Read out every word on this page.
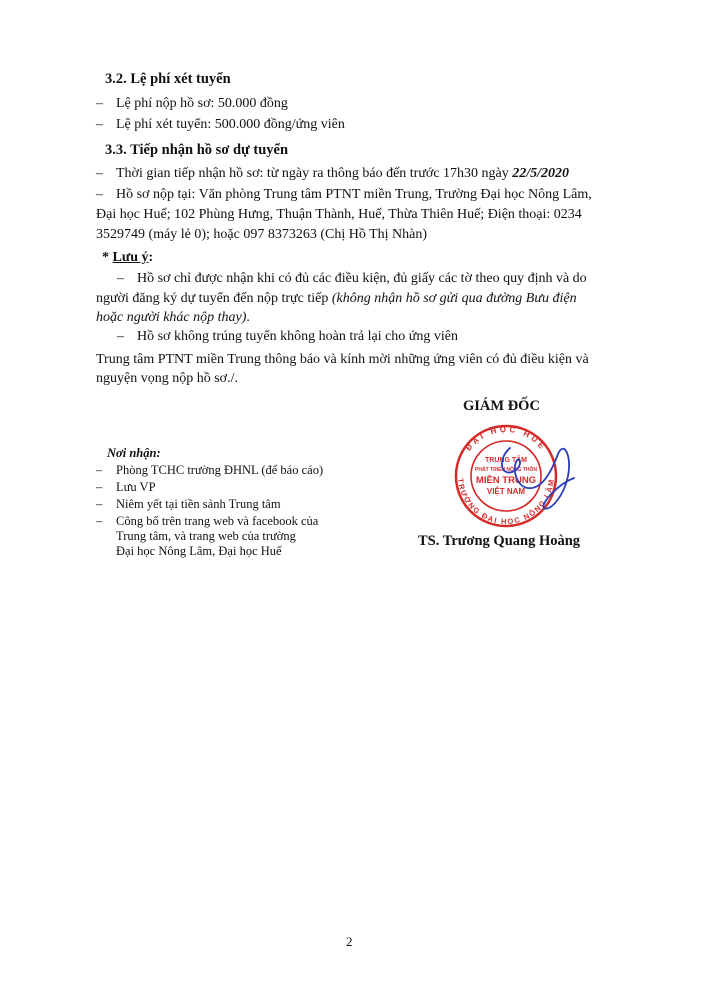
3.2. Lệ phí xét tuyển
– Lệ phí nộp hồ sơ: 50.000 đồng
– Lệ phí xét tuyển: 500.000 đồng/ứng viên
3.3. Tiếp nhận hồ sơ dự tuyển
– Thời gian tiếp nhận hồ sơ: từ ngày ra thông báo đến trước 17h30 ngày 22/5/2020
– Hồ sơ nộp tại: Văn phòng Trung tâm PTNT miền Trung, Trường Đại học Nông Lâm,
Đại học Huế; 102 Phùng Hưng, Thuận Thành, Huế, Thừa Thiên Huế; Điện thoại: 0234
3529749 (máy lẻ 0); hoặc 097 8373263 (Chị Hồ Thị Nhàn)
* Lưu ý:
– Hồ sơ chỉ được nhận khi có đủ các điều kiện, đủ giấy các tờ theo quy định và do
người đăng ký dự tuyển đến nộp trực tiếp (không nhận hồ sơ gửi qua đường Bưu điện
hoặc người khác nộp thay).
– Hồ sơ không trúng tuyển không hoàn trả lại cho ứng viên
Trung tâm PTNT miền Trung thông báo và kính mời những ứng viên có đủ điều kiện và
nguyện vọng nộp hồ sơ./.
GIÁM ĐỐC
ĐẠI HỌC HUẾ
TRƯỜNG ĐẠI HỌC NÔNG LÂM
TRUNG TÂM
PHÁT TRIỂN NÔNG THÔN
MIỀN TRUNG
VIỆT NAM
TS. Trương Quang Hoàng
Nơi nhận:
– Phòng TCHC trường ĐHNL (để báo cáo)
– Lưu VP
– Niêm yết tại tiền sảnh Trung tâm
– Công bố trên trang web và facebook của
Trung tâm, và trang web của trường
Đại học Nông Lâm, Đại học Huế
2
